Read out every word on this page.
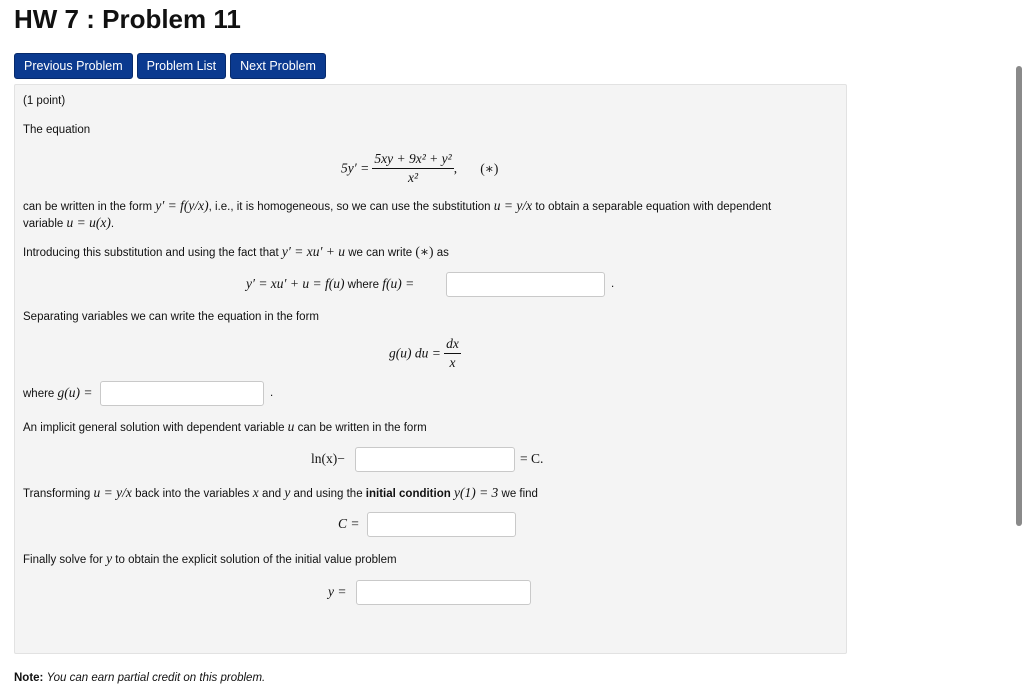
HW 7 : Problem 11
Previous Problem	Problem List	Next Problem
(1 point)
The equation
$5y' = \frac{\text{5xy + 9x² + y²}}{\text{x²}}$ , (∗)
can be written in the form y′ = f(y/x), i.e., it is homogeneous, so we can use the substitution u = y/x to obtain a separable equation with dependent
variable u = u(x).
Introducing this substitution and using the fact that y′ = xu′ + u we can write (∗) as
y′ = xu′ + u = f(u) where f(u) =	.
Separating variables we can write the equation in the form
g(u) du = $\frac{dx}{x}$
where g(u) =	.
An implicit general solution with dependent variable u can be written in the form
ln(x)−	= C.
Transforming u = y/x back into the variables x and y and using the initial condition y(1) = 3 we find
C =
Finally solve for y to obtain the explicit solution of the initial value problem
y =
Note: You can earn partial credit on this problem.
